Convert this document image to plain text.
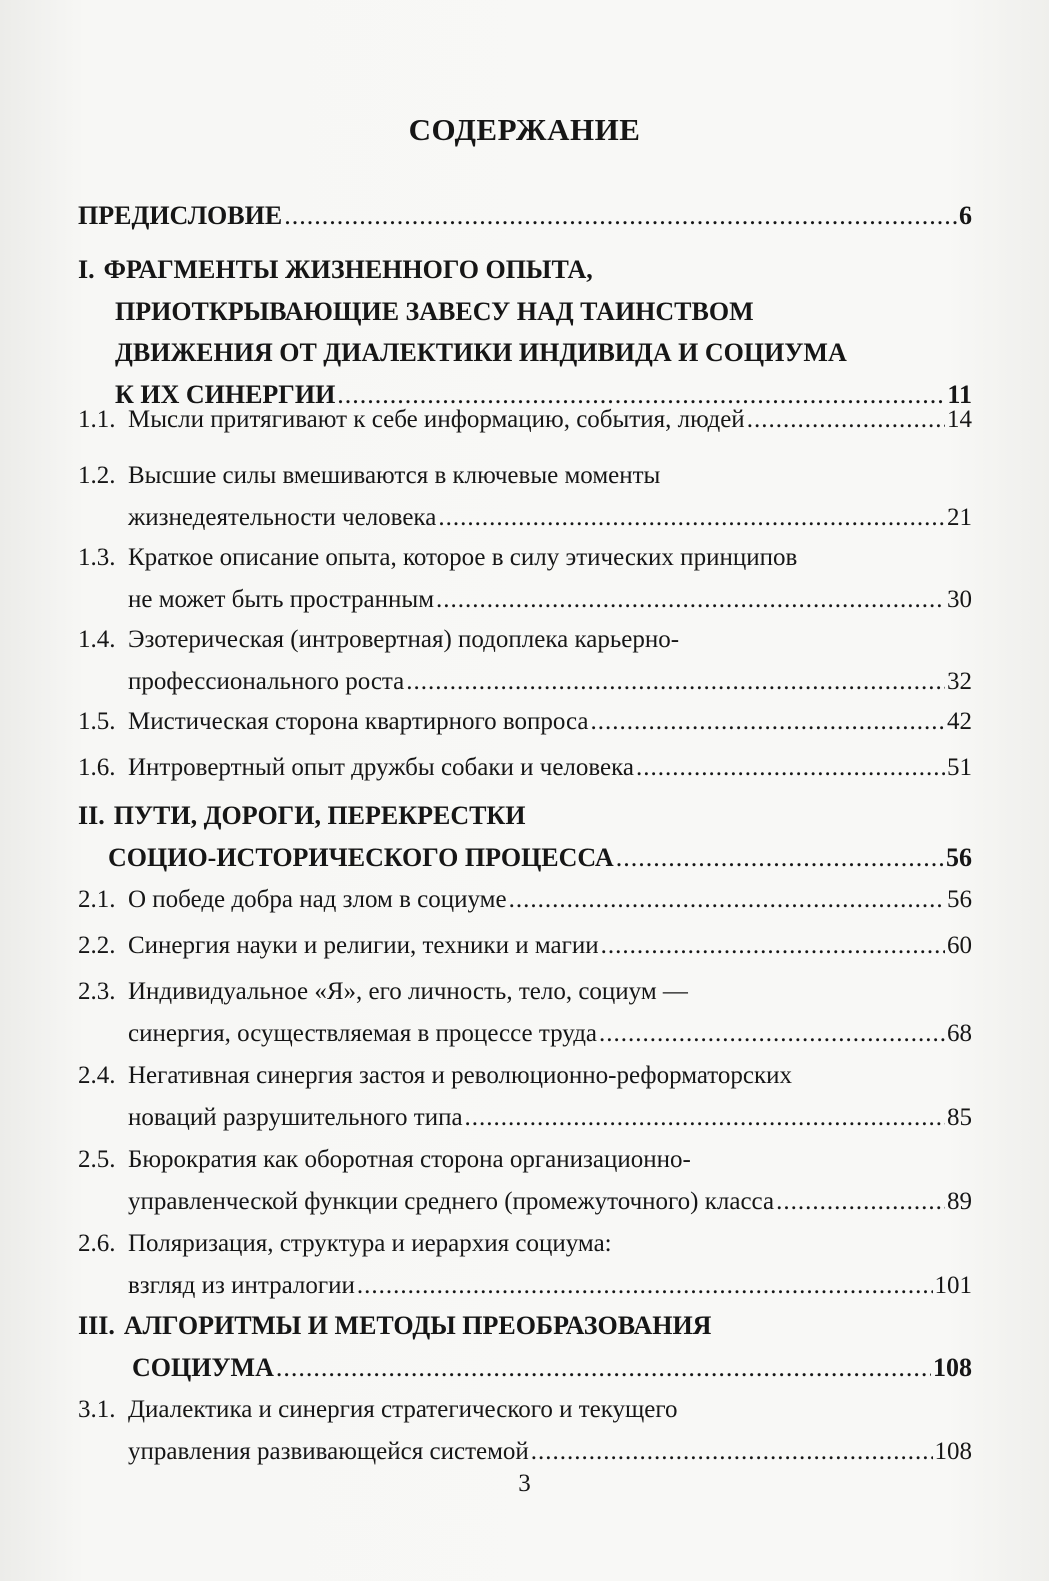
СОДЕРЖАНИЕ
ПРЕДИСЛОВИЕ .....	6
I. ФРАГМЕНТЫ ЖИЗНЕННОГО ОПЫТА,
ПРИОТКРЫВАЮЩИЕ ЗАВЕСУ НАД ТАИНСТВОМ
ДВИЖЕНИЯ ОТ ДИАЛЕКТИКИ ИНДИВИДА И СОЦИУМА
К ИХ СИНЕРГИИ .....	11
1.1. Мысли притягивают к себе информацию, события, людей .....	14
1.2. Высшие силы вмешиваются в ключевые моменты
жизнедеятельности человека .....	21
1.3. Краткое описание опыта, которое в силу этических принципов
не может быть пространным .....	30
1.4. Эзотерическая (интровертная) подоплека карьерно-
профессионального роста .....	32
1.5. Мистическая сторона квартирного вопроса .....	42
1.6. Интровертный опыт дружбы собаки и человека .....	51
II. ПУТИ, ДОРОГИ, ПЕРЕКРЕСТКИ
СОЦИО-ИСТОРИЧЕСКОГО ПРОЦЕССА .....	56
2.1. О победе добра над злом в социуме .....	56
2.2. Синергия науки и религии, техники и магии .....	60
2.3. Индивидуальное «Я», его личность, тело, социум —
синергия, осуществляемая в процессе труда .....	68
2.4. Негативная синергия застоя и революционно-реформаторских
новаций разрушительного типа .....	85
2.5. Бюрократия как оборотная сторона организационно-
управленческой функции среднего (промежуточного) класса .....	89
2.6. Поляризация, структура и иерархия социума:
взгляд из интралогии .....	101
III. АЛГОРИТМЫ И МЕТОДЫ ПРЕОБРАЗОВАНИЯ
СОЦИУМА .....	108
3.1. Диалектика и синергия стратегического и текущего
управления развивающейся системой .....	108
3
